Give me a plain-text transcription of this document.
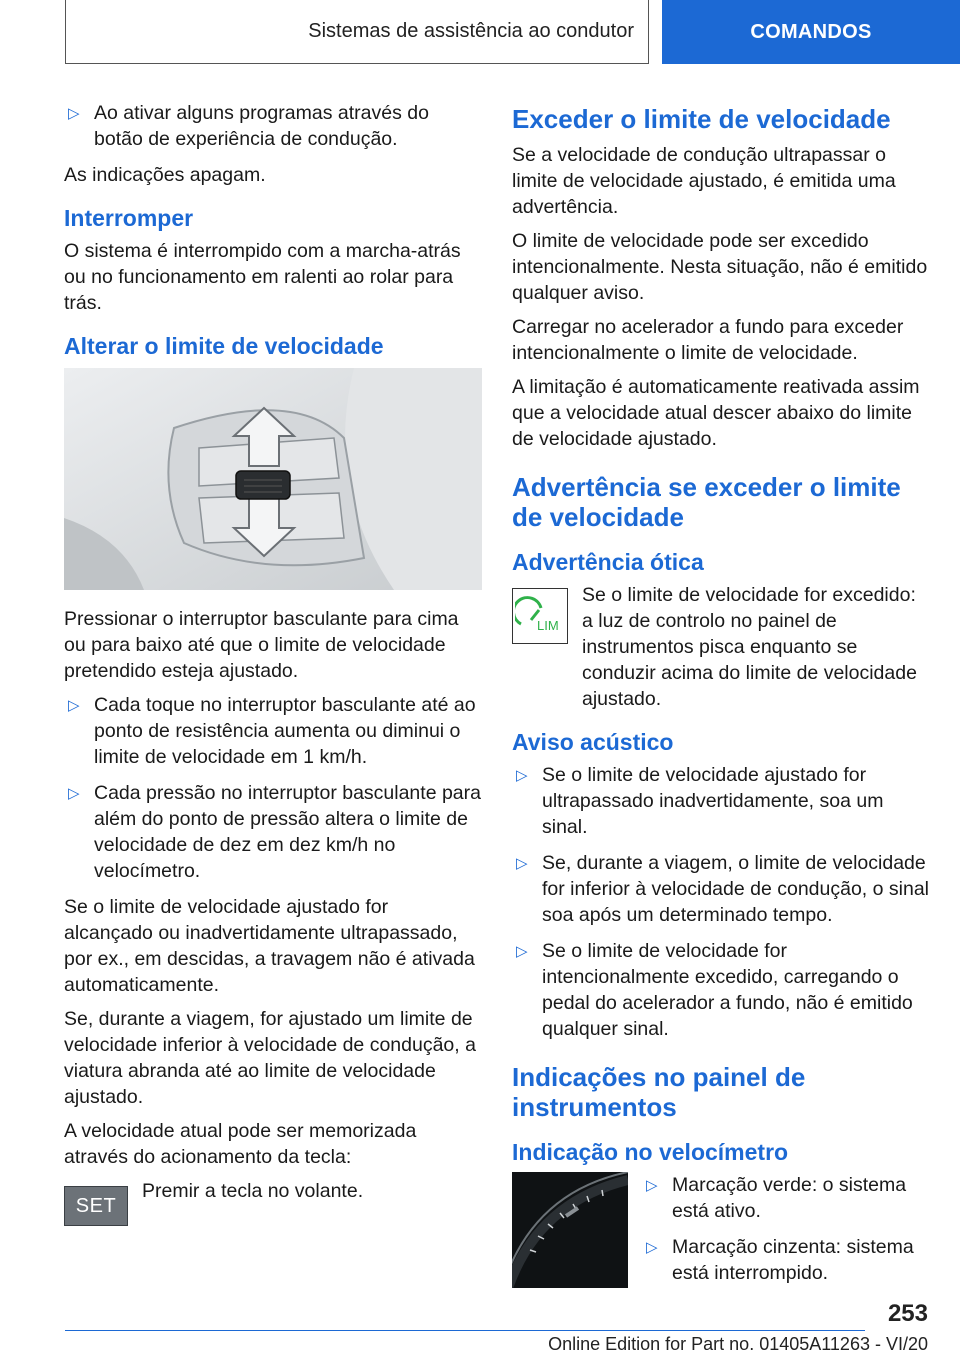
Sistemas de assistência ao condutor	COMANDOS
▷ Ao ativar alguns programas através do botão de experiência de condução.

As indicações apagam.

Interromper

O sistema é interrompido com a marcha-atrás ou no funcionamento em ralenti ao rolar para trás.

Alterar o limite de velocidade

Pressionar o interruptor basculante para cima ou para baixo até que o limite de velocidade pretendido esteja ajustado.

▷ Cada toque no interruptor basculante até ao ponto de resistência aumenta ou diminui o limite de velocidade em 1 km/h.
▷ Cada pressão no interruptor basculante para além do ponto de pressão altera o limite de velocidade de dez em dez km/h no velocímetro.

Se o limite de velocidade ajustado for alcançado ou inadvertidamente ultrapassado, por ex., em descidas, a travagem não é ativada automaticamente.

Se, durante a viagem, for ajustado um limite de velocidade inferior à velocidade de condução, a viatura abranda até ao limite de velocidade ajustado.

A velocidade atual pode ser memorizada através do acionamento da tecla:

SET
Premir a tecla no volante.
Exceder o limite de velocidade

Se a velocidade de condução ultrapassar o limite de velocidade ajustado, é emitida uma advertência.

O limite de velocidade pode ser excedido intencionalmente. Nesta situação, não é emitido qualquer aviso.

Carregar no acelerador a fundo para exceder intencionalmente o limite de velocidade.

A limitação é automaticamente reativada assim que a velocidade atual descer abaixo do limite de velocidade ajustado.

Advertência se exceder o limite de velocidade
Advertência ótica
LIM
Se o limite de velocidade for excedido: a luz de controlo no painel de instrumentos pisca enquanto se conduzir acima do limite de velocidade ajustado.
Aviso acústico
▷ Se o limite de velocidade ajustado for ultrapassado inadvertidamente, soa um sinal.
▷ Se, durante a viagem, o limite de velocidade for inferior à velocidade de condução, o sinal soa após um determinado tempo.
▷ Se o limite de velocidade for intencionalmente excedido, carregando o pedal do acelerador a fundo, não é emitido qualquer sinal.
Indicações no painel de instrumentos
Indicação no velocímetro
▷ Marcação verde: o sistema está ativo.
▷ Marcação cinzenta: sistema está interrompido.
253
Online Edition for Part no. 01405A11263 - VI/20
